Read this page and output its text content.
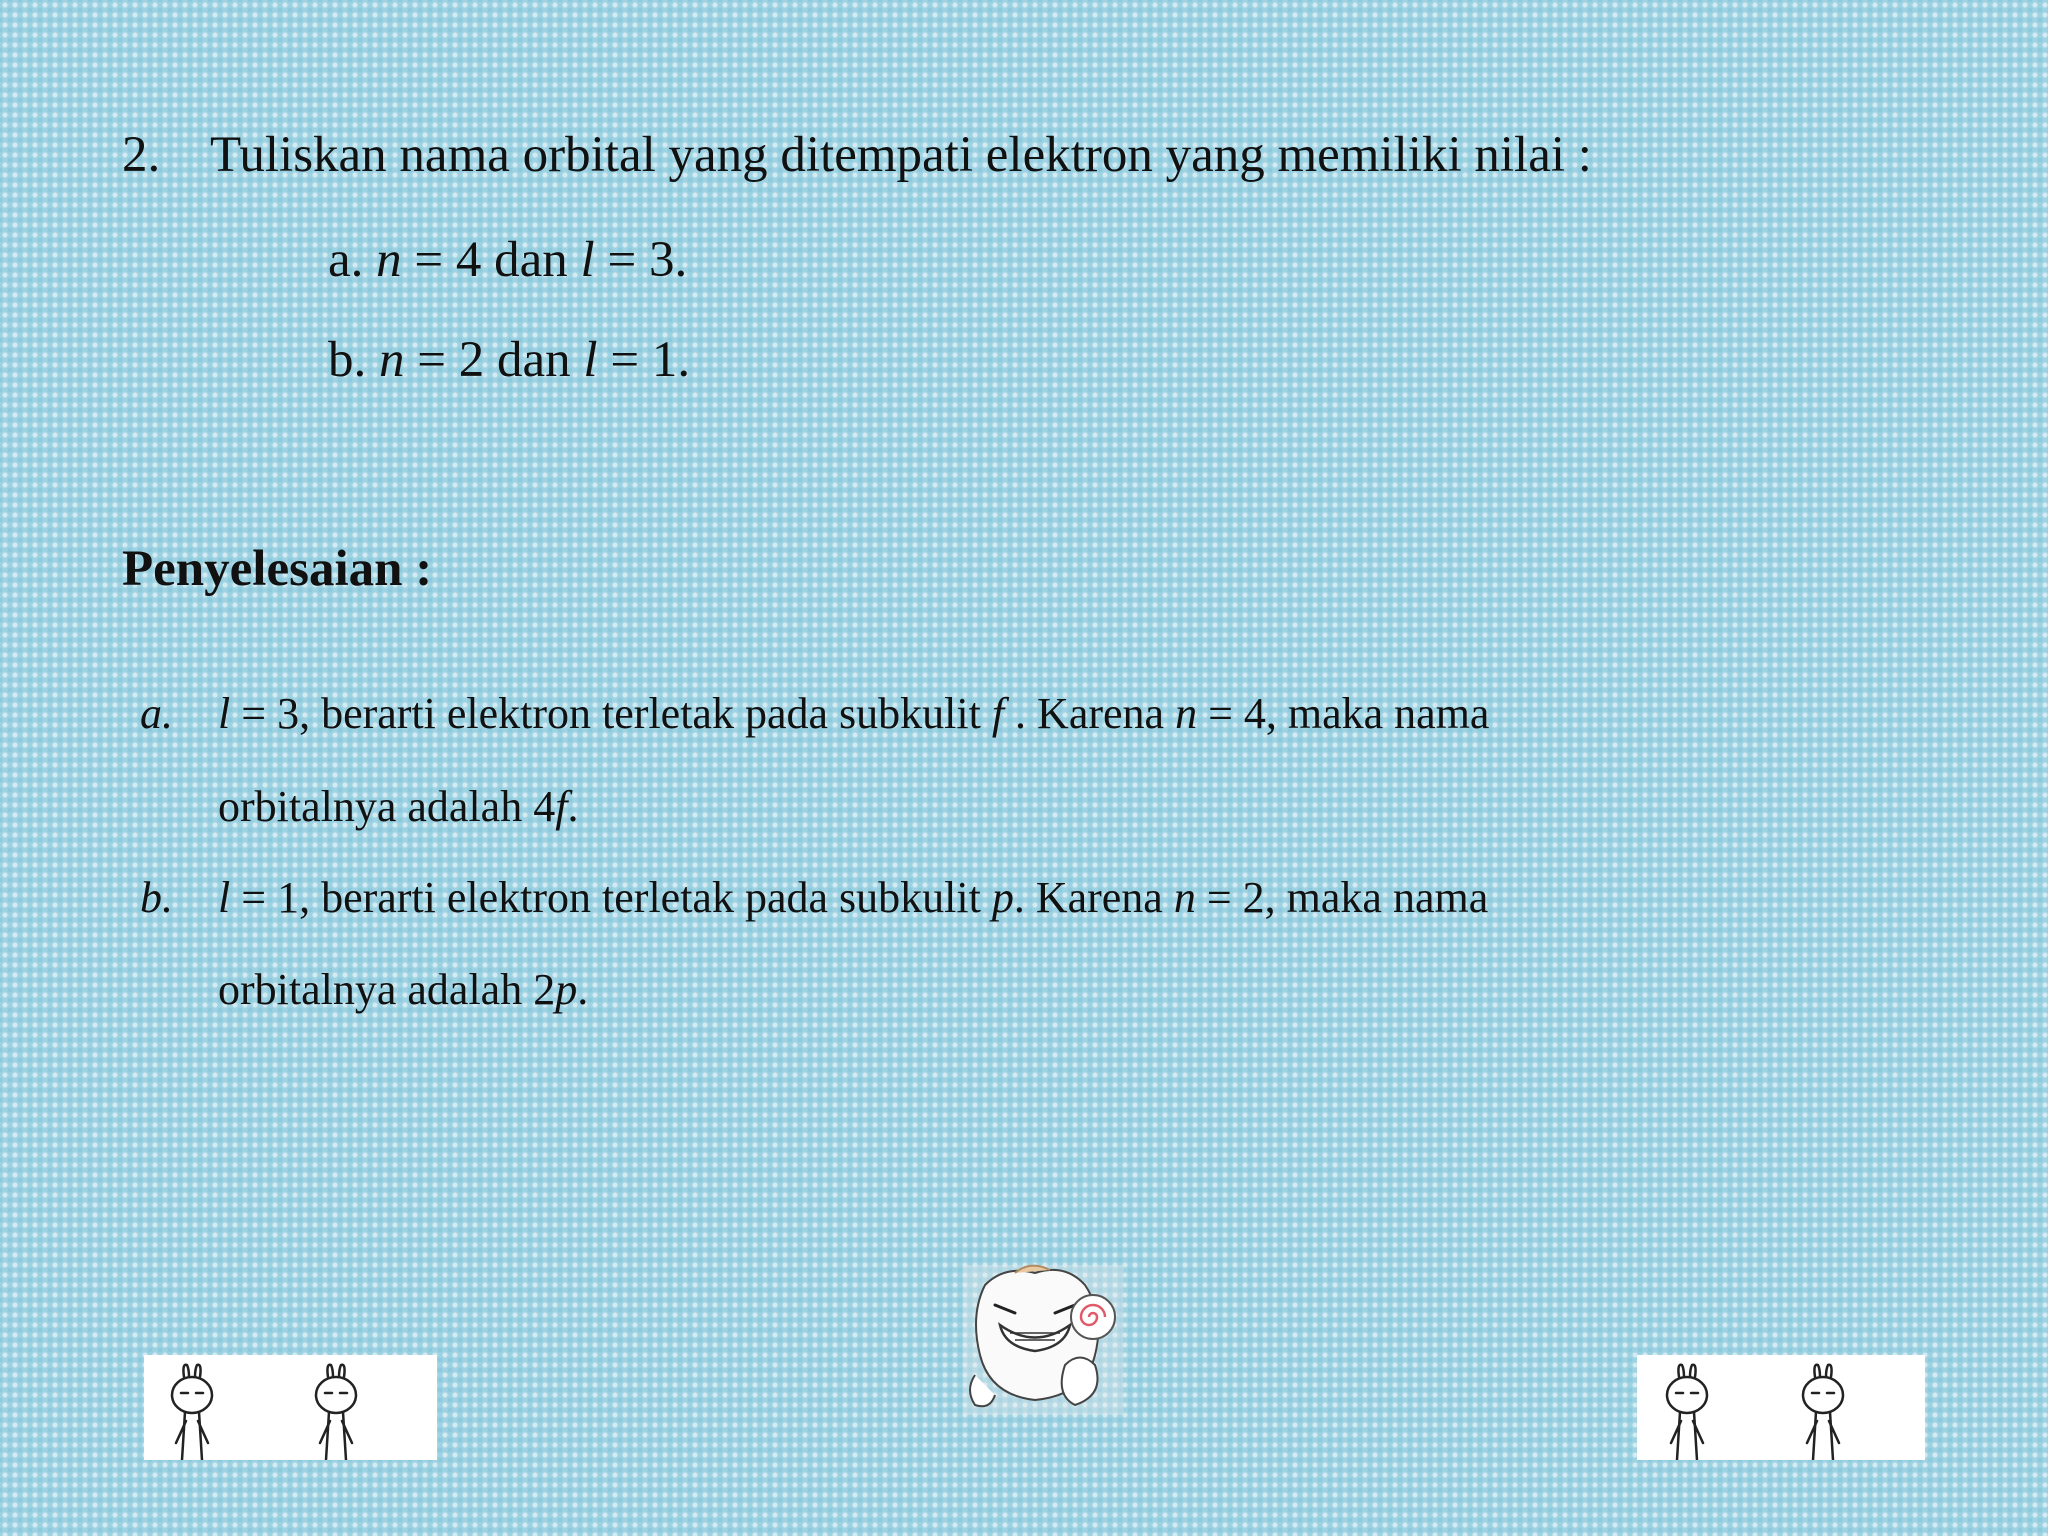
2. Tuliskan nama orbital yang ditempati elektron yang memiliki nilai :
a. n = 4 dan l = 3.
b. n = 2 dan l = 1.
Penyelesaian :
a. l = 3, berarti elektron terletak pada subkulit f . Karena n = 4, maka nama
orbitalnya adalah 4f.
b. l = 1, berarti elektron terletak pada subkulit p. Karena n = 2, maka nama
orbitalnya adalah 2p.
